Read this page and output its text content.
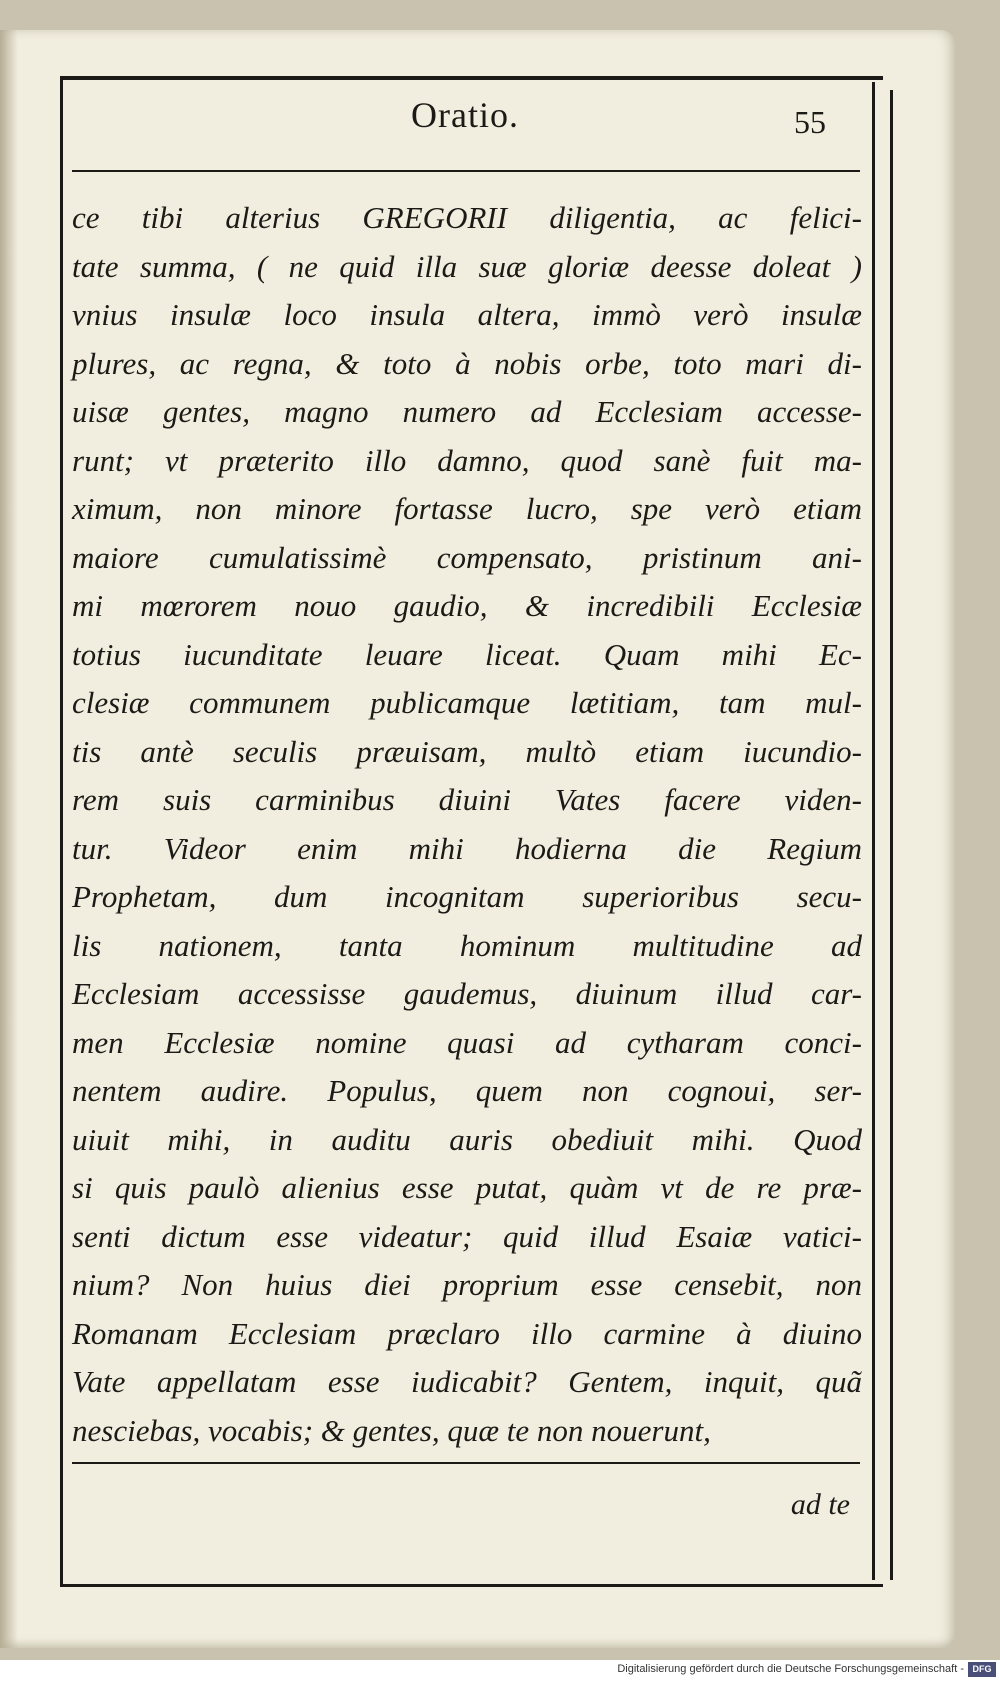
Oratio.	55
ce tibi alterius GREGORII diligentia, ac felici-
tate summa, ( ne quid illa suæ gloriæ deesse doleat )
vnius insulæ loco insula altera, immò verò insulæ
plures, ac regna, & toto à nobis orbe, toto mari di-
uisæ gentes, magno numero ad Ecclesiam accesse-
runt; vt præterito illo damno, quod sanè fuit ma-
ximum, non minore fortasse lucro, spe verò etiam
maiore cumulatissimè compensato, pristinum ani-
mi mœrorem nouo gaudio, & incredibili Ecclesiæ
totius iucunditate leuare liceat. Quam mihi Ec-
clesiæ communem publicamque lætitiam, tam mul-
tis antè seculis præuisam, multò etiam iucundio-
rem suis carminibus diuini Vates facere viden-
tur. Videor enim mihi hodierna die Regium
Prophetam, dum incognitam superioribus secu-
lis nationem, tanta hominum multitudine ad
Ecclesiam accessisse gaudemus, diuinum illud car-
men Ecclesiæ nomine quasi ad cytharam conci-
nentem audire. Populus, quem non cognoui, ser-
uiuit mihi, in auditu auris obediuit mihi. Quod
si quis paulò alienius esse putat, quàm vt de re præ-
senti dictum esse videatur; quid illud Esaiæ vatici-
nium? Non huius diei proprium esse censebit, non
Romanam Ecclesiam præclaro illo carmine à diuino
Vate appellatam esse iudicabit? Gentem, inquit, quã
nesciebas, vocabis; & gentes, quæ te non nouerunt,
ad te
Digitalisierung gefördert durch die Deutsche Forschungsgemeinschaft - DFG
